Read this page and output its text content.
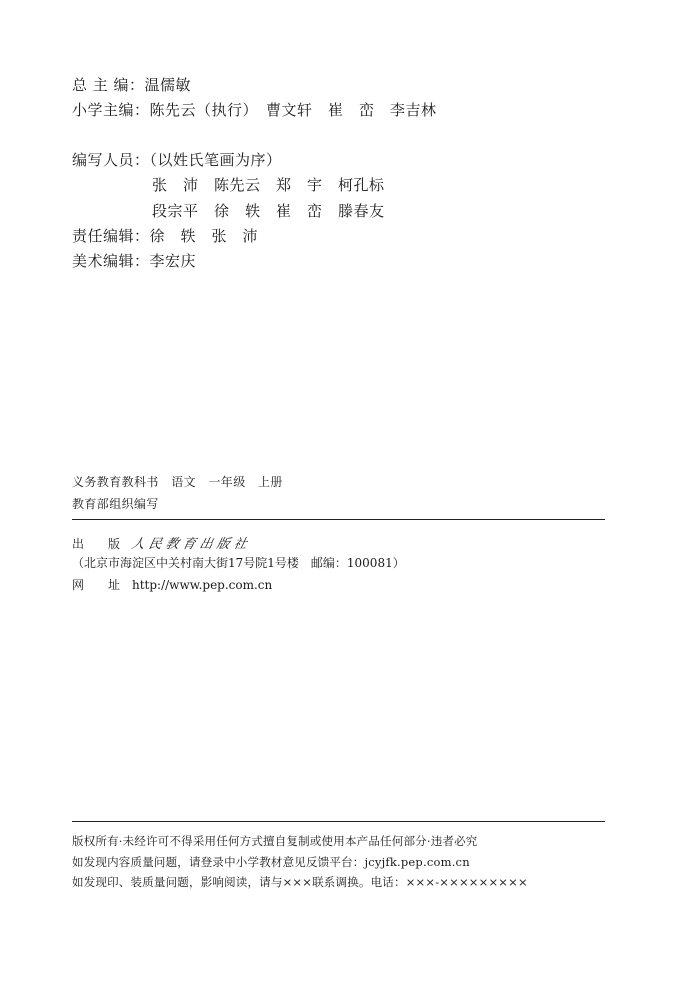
总 主 编：温儒敏
小学主编：陈先云（执行）　曹文轩　崔　峦　李吉林
编写人员：（以姓氏笔画为序）
张　沛　陈先云　郑　宇　柯孔标
段宗平　徐　轶　崔　峦　滕春友
责任编辑：徐　轶　张　沛
美术编辑：李宏庆
义务教育教科书　语文　一年级　上册
教育部组织编写
出　　版 人民教育出版社
（北京市海淀区中关村南大街17号院1号楼　邮编：100081）
网　　址 http://www.pep.com.cn
版权所有·未经许可不得采用任何方式擅自复制或使用本产品任何部分·违者必究
如发现内容质量问题，请登录中小学教材意见反馈平台：jcyjfk.pep.com.cn
如发现印、装质量问题，影响阅读，请与×××联系调换。电话：×××-×××××××××
